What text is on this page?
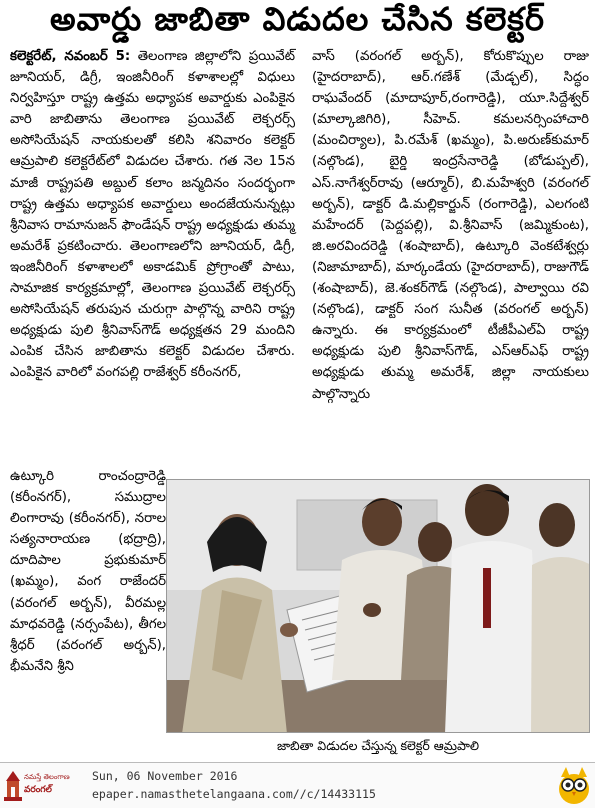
అవార్డు జాబితా విడుదల చేసిన కలెక్టర్

కలెక్టరేట్, నవంబర్ 5: తెలంగాణ జిల్లాలోని ప్రయివేట్ జూనియర్, డిగ్రీ, ఇంజినీరింగ్ కళాశాలల్లో విధులు నిర్వహిస్తూ రాష్ట్ర ఉత్తమ అధ్యాపక అవార్డుకు ఎంపికైన వారి జాబితాను తెలంగాణ ప్రయివేట్ లెక్చరర్స్ అసోసియేషన్ నాయకులతో కలిసి శనివారం కలెక్టర్ ఆమ్రపాలి కలెక్టరేట్‌లో విడుదల చేశారు. గత నెల 15న మాజీ రాష్ట్రపతి అబ్దుల్ కలాం జన్మదినం సందర్భంగా రాష్ట్ర ఉత్తమ అధ్యాపక అవార్డులు అందజేయనున్నట్లు శ్రీనివాస రామానుజన్ ఫౌండేషన్ రాష్ట్ర అధ్యక్షుడు తుమ్మ అమరేశ్ ప్రకటించారు. తెలంగాణలోని జూనియర్, డిగ్రీ, ఇంజినీరింగ్ కళాశాలలో అకాడమిక్ ప్రోగ్రాంతో పాటు, సామాజిక కార్యక్రమాల్లో, తెలంగాణ ప్రయివేట్ లెక్చరర్స్ అసోసియేషన్ తరుపున చురుగ్గా పాల్గొన్న వారిని రాష్ట్ర అధ్యక్షుడు పులి శ్రీనివాస్‌గౌడ్ అధ్యక్షతన 29 మందిని ఎంపిక చేసిన జాబితాను కలెక్టర్ విడుదల చేశారు. ఎంపికైన వారిలో వంగపల్లి రాజేశ్వర్ కరీంనగర్,

వాస్ (వరంగల్ అర్బన్), కోరుకొప్పుల రాజు (హైదరాబాద్), ఆర్.గణేశ్ (మేడ్చల్), సిద్ధం రాఘవేందర్ (మాదాపూర్,రంగారెడ్డి), యూ.సిద్దేశ్వర్ (మాల్కాజిగిరి), సీహెచ్. కమలనర్సింహాచారి (మంచిర్యాల), పి.రమేశ్ (ఖమ్మం), పి.అరుణ్‌కుమార్ (నల్గొండ), బైర్డి ఇంద్రసేనారెడ్డి (బోడుప్పల్), ఎస్.నాగేశ్వర్‌రావు (ఆర్మూర్), బి.మహేశ్వరి (వరంగల్ అర్బన్), డాక్టర్ డి.మల్లికార్జున్ (రంగారెడ్డి), ఎలగంటి మహేందర్ (పెద్దపల్లి), వి.శ్రీనివాస్ (జమ్మికుంట), జి.అరవిందరెడ్డి (శంషాబాద్), ఉట్కూరి వెంకటేశ్వర్లు (నిజామాబాద్), మార్కండేయ (హైదరాబాద్), రాజుగౌడ్ (శంషాబాద్), జె.శంకర్‌గౌడ్ (నల్గొండ), పాల్వాయి రవి (నల్గొండ), డాక్టర్ సంగ సునీత (వరంగల్ అర్బన్) ఉన్నారు. ఈ కార్యక్రమంలో టీజీపీఎల్ఏ రాష్ట్ర అధ్యక్షుడు పులి శ్రీనివాస్‌గౌడ్, ఎస్ఆర్ఎఫ్ రాష్ట్ర అధ్యక్షుడు తుమ్మ అమరేశ్, జిల్లా నాయకులు పాల్గొన్నారు

ఉట్కూరి రాంచంద్రారెడ్డి (కరీంనగర్), సముద్రాల లింగారావు (కరీంనగర్), నరాల సత్యనారాయణ (భద్రాద్రి), దూదిపాల ప్రభుకుమార్ (ఖమ్మం), వంగ రాజేందర్ (వరంగల్ అర్బన్), వీరమల్ల మాధవరెడ్డి (నర్సంపేట), తీగల శ్రీధర్ (వరంగల్ అర్బన్), భీమనేని శ్రీని

జాబితా విడుదల చేస్తున్న కలెక్టర్ ఆమ్రపాలి
నమస్తే తెలంగాణ
వరంగల్
Sun, 06 November 2016
epaper.namasthetelangaana.com//c/14433115
